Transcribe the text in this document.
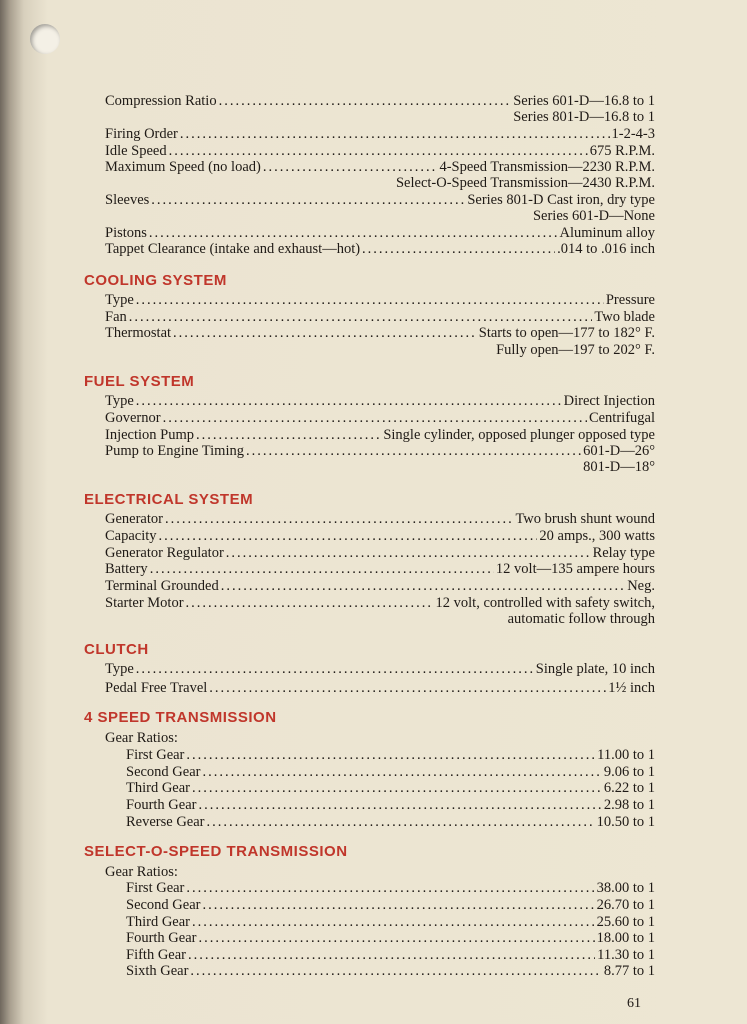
Compression Ratio .....	Series 601-D—16.8 to 1
Series 801-D—16.8 to 1
Firing Order .....	1-2-4-3
Idle Speed .....	675 R.P.M.
Maximum Speed (no load) .....	4-Speed Transmission—2230 R.P.M.
Select-O-Speed Transmission—2430 R.P.M.
Sleeves .....	Series 801-D Cast iron, dry type
Series 601-D—None
Pistons .....	Aluminum alloy
Tappet Clearance (intake and exhaust—hot) .....	.014 to .016 inch
COOLING SYSTEM
Type .....	Pressure
Fan .....	Two blade
Thermostat .....	Starts to open—177 to 182° F.
Fully open—197 to 202° F.
FUEL SYSTEM
Type .....	Direct Injection
Governor .....	Centrifugal
Injection Pump .....	Single cylinder, opposed plunger opposed type
Pump to Engine Timing .....	601-D—26°
801-D—18°
ELECTRICAL SYSTEM
Generator .....	Two brush shunt wound
Capacity .....	20 amps., 300 watts
Generator Regulator .....	Relay type
Battery .....	12 volt—135 ampere hours
Terminal Grounded .....	Neg.
Starter Motor .....	12 volt, controlled with safety switch,
automatic follow through
CLUTCH
Type .....	Single plate, 10 inch
Pedal Free Travel .....	1½ inch
4 SPEED TRANSMISSION
Gear Ratios:
First Gear .....	11.00 to 1
Second Gear .....	9.06 to 1
Third Gear .....	6.22 to 1
Fourth Gear .....	2.98 to 1
Reverse Gear .....	10.50 to 1
SELECT-O-SPEED TRANSMISSION
Gear Ratios:
First Gear .....	38.00 to 1
Second Gear .....	26.70 to 1
Third Gear .....	25.60 to 1
Fourth Gear .....	18.00 to 1
Fifth Gear .....	11.30 to 1
Sixth Gear .....	8.77 to 1
61
